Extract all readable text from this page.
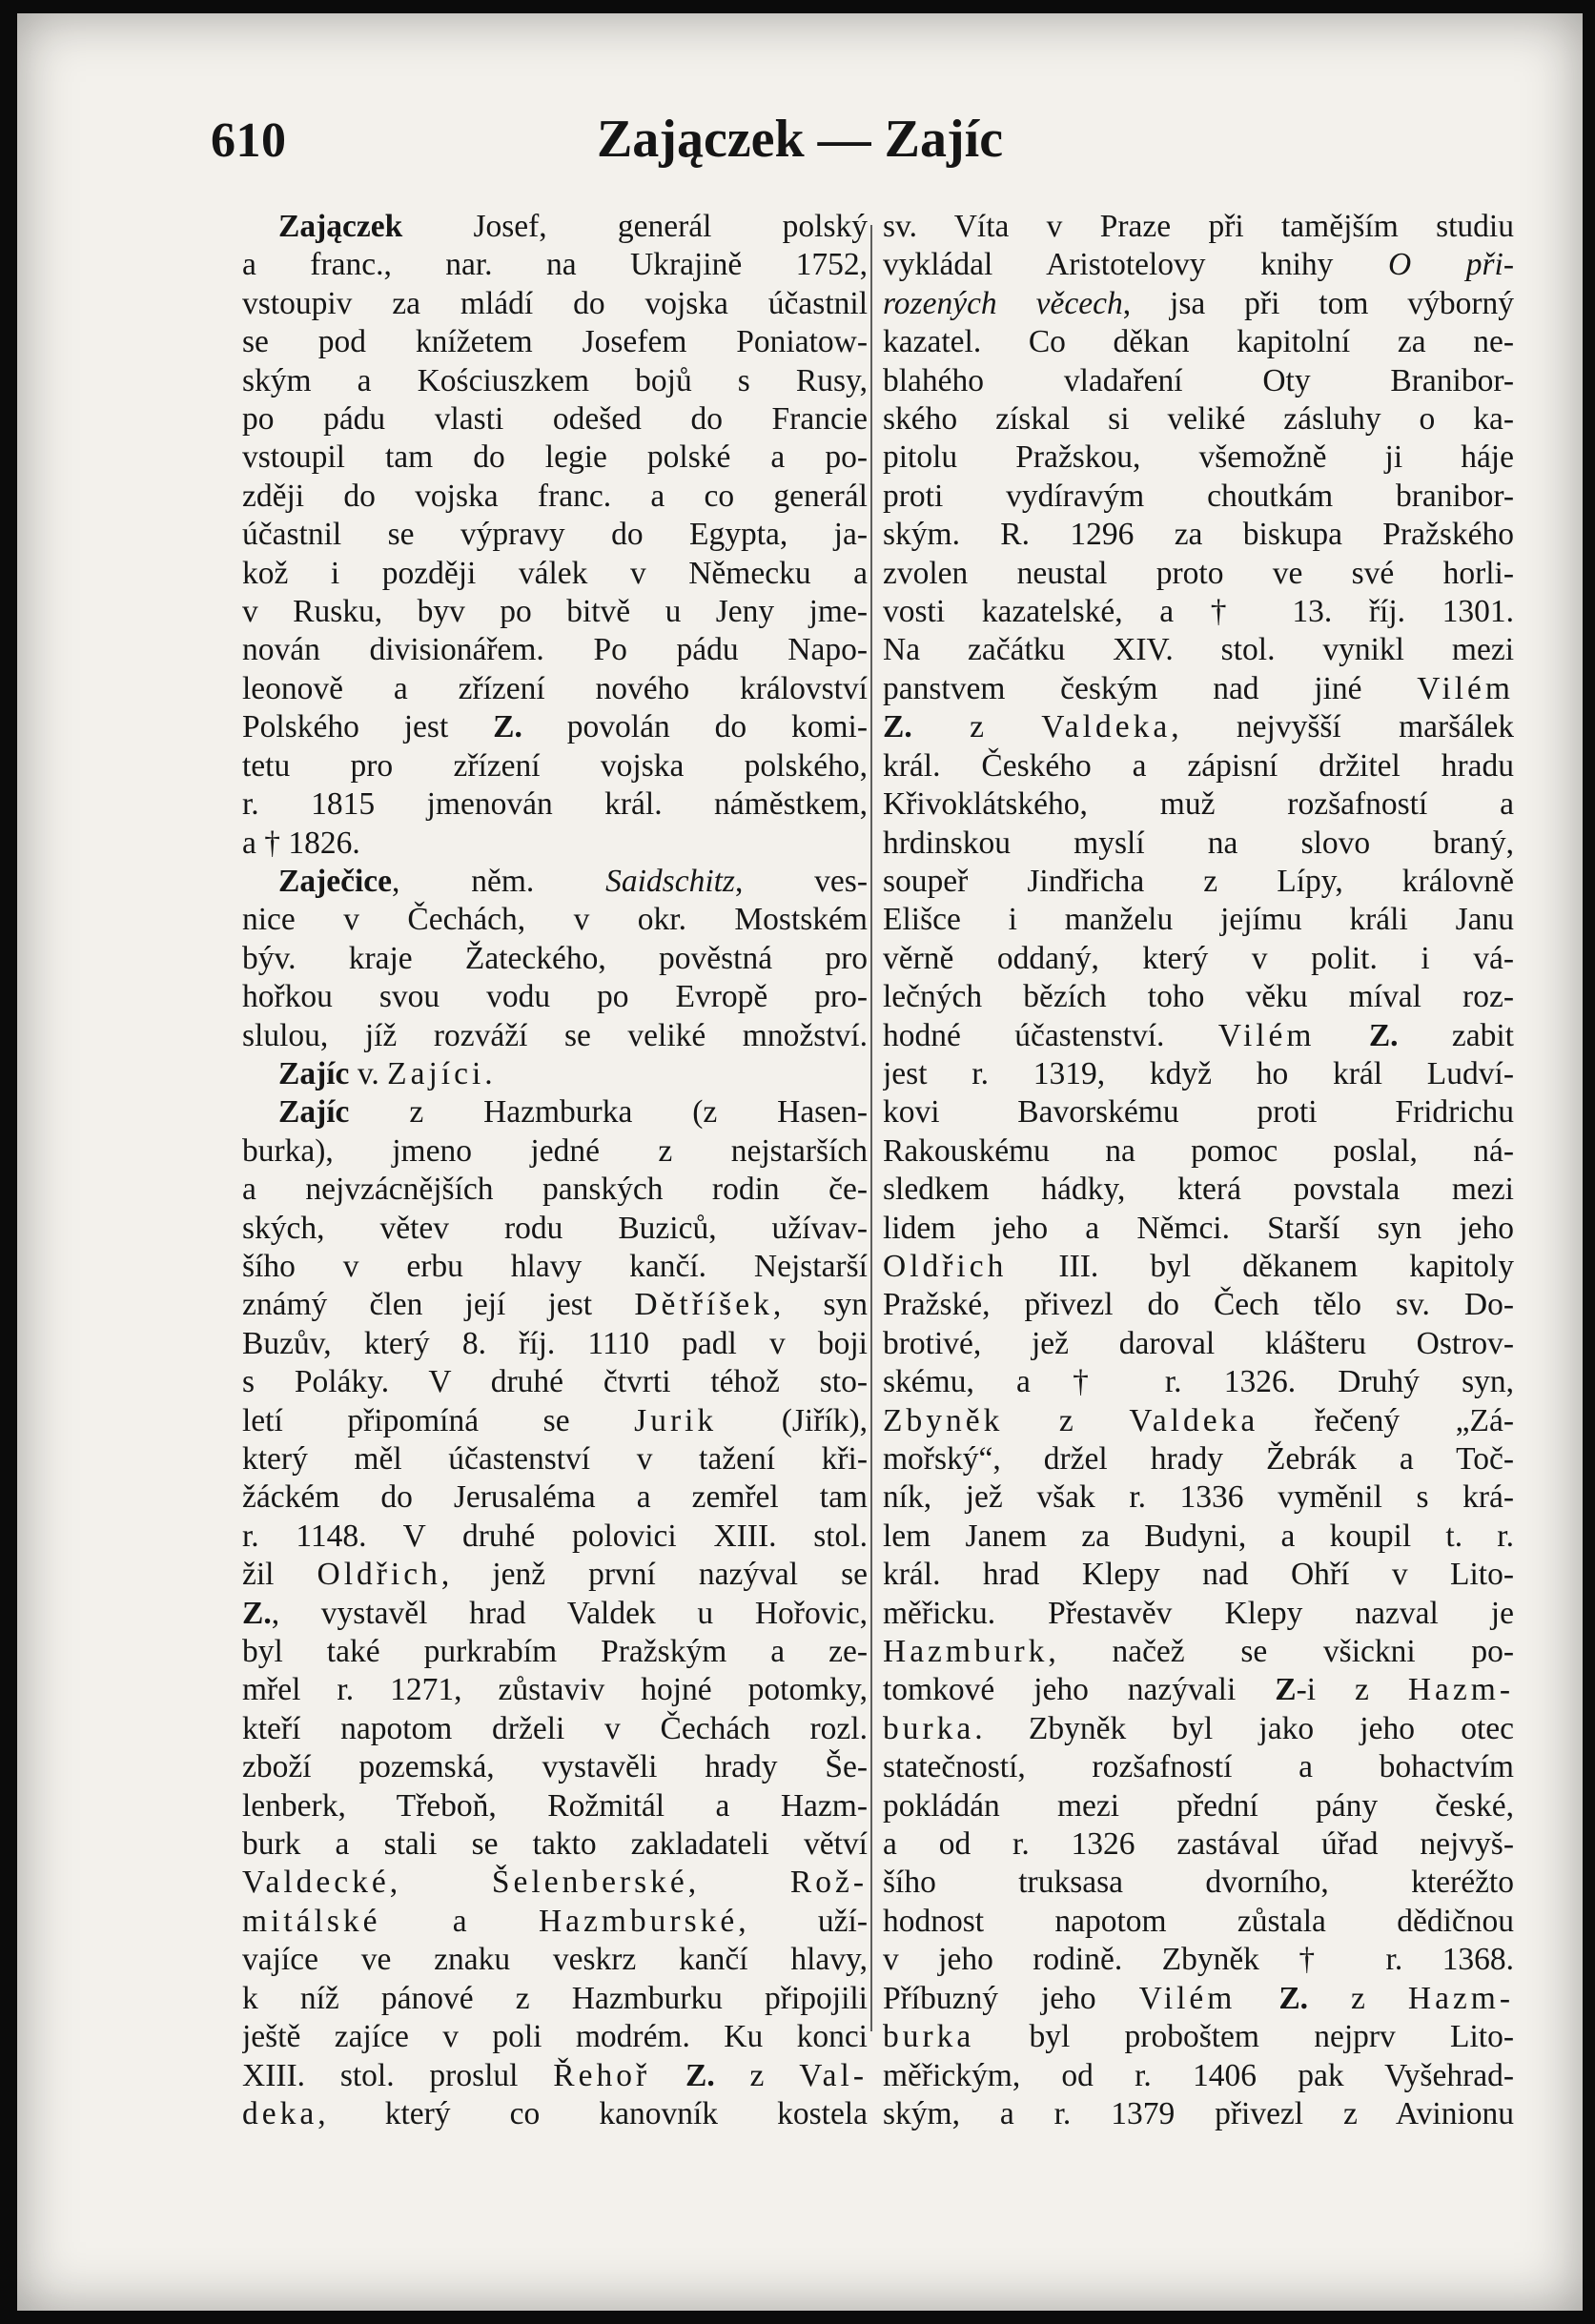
610	Zajączek — Zajíc
Zajączek Josef, generál polský
a franc., nar. na Ukrajině 1752,
vstoupiv za mládí do vojska účastnil
se pod knížetem Josefem Poniatow-
ským a Kościuszkem bojů s Rusy,
po pádu vlasti odešed do Francie
vstoupil tam do legie polské a po-
zději do vojska franc. a co generál
účastnil se výpravy do Egypta, ja-
kož i později válek v Německu a
v Rusku, byv po bitvě u Jeny jme-
nován divisionářem. Po pádu Napo-
leonově a zřízení nového království
Polského jest Z. povolán do komi-
tetu pro zřízení vojska polského,
r. 1815 jmenován král. náměstkem,
a † 1826.
Zaječice, něm. Saidschitz, ves-
nice v Čechách, v okr. Mostském
býv. kraje Žateckého, pověstná pro
hořkou svou vodu po Evropě pro-
slulou, jíž rozváží se veliké množství.
Zajíc v. Zajíci.
Zajíc z Hazmburka (z Hasen-
burka), jmeno jedné z nejstarších
a nejvzácnějších panských rodin če-
ských, větev rodu Buziců, užívav-
šího v erbu hlavy kančí. Nejstarší
známý člen její jest Dětříšek, syn
Buzův, který 8. říj. 1110 padl v boji
s Poláky. V druhé čtvrti téhož sto-
letí připomíná se Jurik (Jiřík),
který měl účastenství v tažení kři-
žáckém do Jerusaléma a zemřel tam
r. 1148. V druhé polovici XIII. stol.
žil Oldřich, jenž první nazýval se
Z., vystavěl hrad Valdek u Hořovic,
byl také purkrabím Pražským a ze-
mřel r. 1271, zůstaviv hojné potomky,
kteří napotom drželi v Čechách rozl.
zboží pozemská, vystavěli hrady Še-
lenberk, Třeboň, Rožmitál a Hazm-
burk a stali se takto zakladateli větví
Valdecké, Šelenberské, Rož-
mitálské a Hazmburské, uží-
vajíce ve znaku veskrz kančí hlavy,
k níž pánové z Hazmburku připojili
ještě zajíce v poli modrém. Ku konci
XIII. stol. proslul Řehoř Z. z Val-
deka, který co kanovník kostela
sv. Víta v Praze při tamějším studiu
vykládal Aristotelovy knihy O při-
rozených věcech, jsa při tom výborný
kazatel. Co děkan kapitolní za ne-
blahého vladaření Oty Branibor-
ského získal si veliké zásluhy o ka-
pitolu Pražskou, všemožně ji háje
proti vydíravým choutkám branibor-
ským. R. 1296 za biskupa Pražského
zvolen neustal proto ve své horli-
vosti kazatelské, a † 13. říj. 1301.
Na začátku XIV. stol. vynikl mezi
panstvem českým nad jiné Vilém
Z. z Valdeka, nejvyšší maršálek
král. Českého a zápisní držitel hradu
Křivoklátského, muž rozšafností a
hrdinskou myslí na slovo braný,
soupeř Jindřicha z Lípy, královně
Elišce i manželu jejímu králi Janu
věrně oddaný, který v polit. i vá-
lečných bězích toho věku míval roz-
hodné účastenství. Vilém Z. zabit
jest r. 1319, když ho král Ludví-
kovi Bavorskému proti Fridrichu
Rakouskému na pomoc poslal, ná-
sledkem hádky, která povstala mezi
lidem jeho a Němci. Starší syn jeho
Oldřich III. byl děkanem kapitoly
Pražské, přivezl do Čech tělo sv. Do-
brotivé, jež daroval klášteru Ostrov-
skému, a † r. 1326. Druhý syn,
Zbyněk z Valdeka řečený „Zá-
mořský“, držel hrady Žebrák a Toč-
ník, jež však r. 1336 vyměnil s krá-
lem Janem za Budyni, a koupil t. r.
král. hrad Klepy nad Ohří v Lito-
měřicku. Přestavěv Klepy nazval je
Hazmburk, načež se všickni po-
tomkové jeho nazývali Z-i z Hazm-
burka. Zbyněk byl jako jeho otec
statečností, rozšafností a bohactvím
pokládán mezi přední pány české,
a od r. 1326 zastával úřad nejvyš-
šího truksasa dvorního, kteréžto
hodnost napotom zůstala dědičnou
v jeho rodině. Zbyněk † r. 1368.
Příbuzný jeho Vilém Z. z Hazm-
burka byl proboštem nejprv Lito-
měřickým, od r. 1406 pak Vyšehrad-
ským, a r. 1379 přivezl z Avinionu
